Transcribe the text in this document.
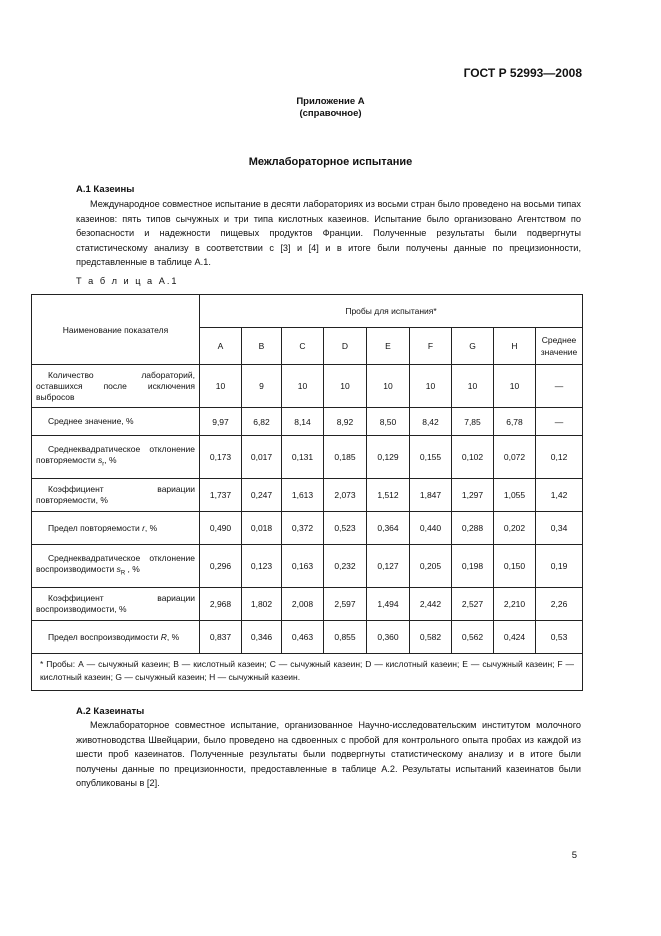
ГОСТ Р 52993—2008
Приложение А
(справочное)
Межлабораторное испытание
А.1 Казеины

Международное совместное испытание в десяти лабораториях из восьми стран было проведено на восьми типах казеинов: пять типов сычужных и три типа кислотных казеинов. Испытание было организовано Агентством по безопасности и надежности пищевых продуктов Франции. Полученные результаты были подвергнуты статистическому анализу в соответствии с [3] и [4] и в итоге были получены данные по прецизионности, представленные в таблице А.1.

Т а б л и ц а А.1
Наименование показателя	Пробы для испытания*								
	A	B	C	D	E	F	G	H	Среднее значение

Количество лабораторий, оставшихся после исключения выбросов	10	9	10	10	10	10	10	10	—

Среднее значение, %	9,97	6,82	8,14	8,92	8,50	8,42	7,85	6,78	—

Среднеквадратическое отклонение повторяемости $s_r$, %	0,173	0,017	0,131	0,185	0,129	0,155	0,102	0,072	0,12

Коэффициент вариации повторяемости, %	1,737	0,247	1,613	2,073	1,512	1,847	1,297	1,055	1,42

Предел повторяемости r, %	0,490	0,018	0,372	0,523	0,364	0,440	0,288	0,202	0,34

Среднеквадратическое отклонение воспроизводимости $s_R$ , %	0,296	0,123	0,163	0,232	0,127	0,205	0,198	0,150	0,19

Коэффициент вариации воспроизводимости, %	2,968	1,802	2,008	2,597	1,494	2,442	2,527	2,210	2,26

Предел воспроизводимости R, %	0,837	0,346	0,463	0,855	0,360	0,582	0,562	0,424	0,53
* Пробы: А — сычужный казеин; В — кислотный казеин; С — сычужный казеин; D — кислотный казеин; Е — сычужный казеин; F — кислотный казеин; G — сычужный казеин; Н — сычужный казеин.									
А.2 Казеинаты

Межлабораторное совместное испытание, организованное Научно-исследовательским институтом молочного животноводства Швейцарии, было проведено на сдвоенных с пробой для контрольного опыта пробах из каждой из шести проб казеинатов. Полученные результаты были подвергнуты статистическому анализу и в итоге были получены данные по прецизионности, предоставленные в таблице А.2. Результаты испытаний казеинатов были опубликованы в [2].

5
